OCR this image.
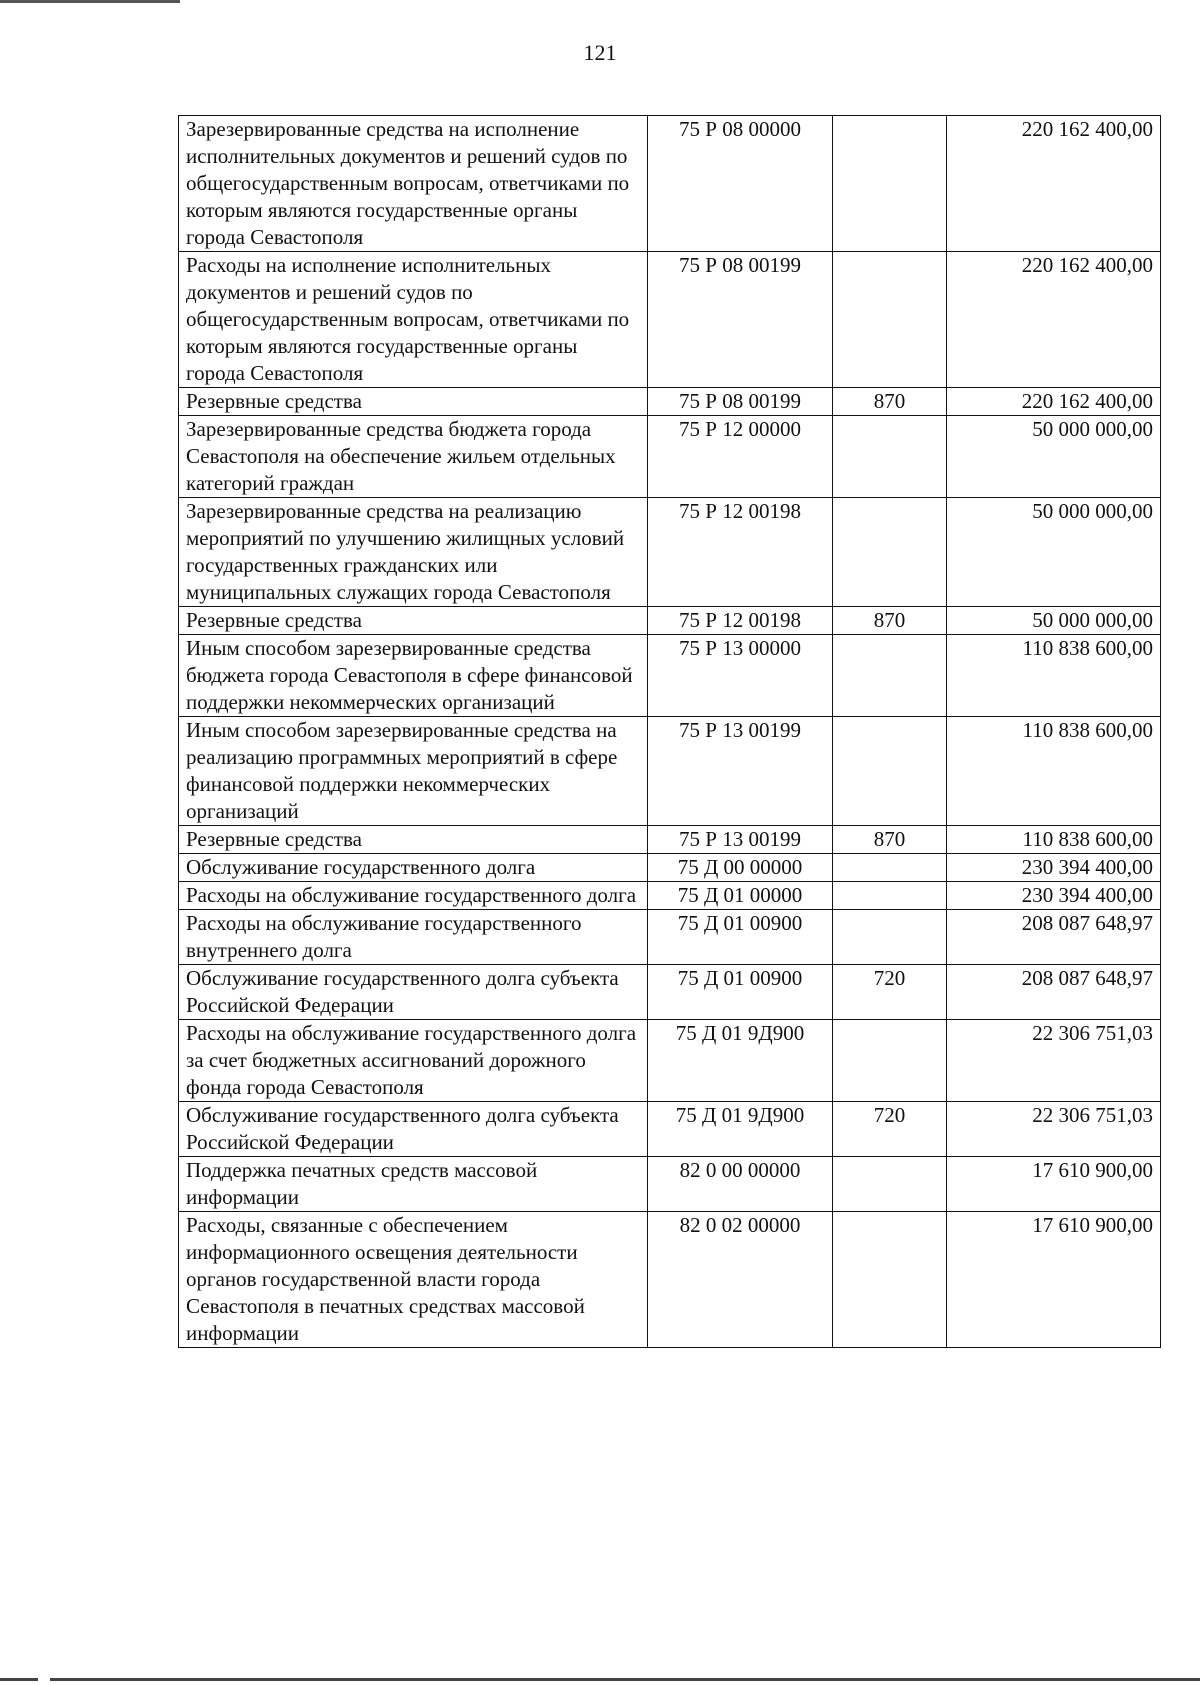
121
Зарезервированные средства на исполнение исполнительных документов и решений судов по общегосударственным вопросам, ответчиками по которым являются государственные органы города Севастополя	75 Р 08 00000		220 162 400,00
Расходы на исполнение исполнительных документов и решений судов по общегосударственным вопросам, ответчиками по которым являются государственные органы города Севастополя	75 Р 08 00199		220 162 400,00
Резервные средства	75 Р 08 00199	870	220 162 400,00
Зарезервированные средства бюджета города Севастополя на обеспечение жильем отдельных категорий граждан	75 Р 12 00000		50 000 000,00
Зарезервированные средства на реализацию мероприятий по улучшению жилищных условий государственных гражданских или муниципальных служащих города Севастополя	75 Р 12 00198		50 000 000,00
Резервные средства	75 Р 12 00198	870	50 000 000,00
Иным способом зарезервированные средства бюджета города Севастополя в сфере финансовой поддержки некоммерческих организаций	75 Р 13 00000		110 838 600,00
Иным способом зарезервированные средства на реализацию программных мероприятий в сфере финансовой поддержки некоммерческих организаций	75 Р 13 00199		110 838 600,00
Резервные средства	75 Р 13 00199	870	110 838 600,00
Обслуживание государственного долга	75 Д 00 00000		230 394 400,00
Расходы на обслуживание государственного долга	75 Д 01 00000		230 394 400,00
Расходы на обслуживание государственного внутреннего долга	75 Д 01 00900		208 087 648,97
Обслуживание государственного долга субъекта Российской Федерации	75 Д 01 00900	720	208 087 648,97
Расходы на обслуживание государственного долга за счет бюджетных ассигнований дорожного фонда города Севастополя	75 Д 01 9Д900		22 306 751,03
Обслуживание государственного долга субъекта Российской Федерации	75 Д 01 9Д900	720	22 306 751,03
Поддержка печатных средств массовой информации	82 0 00 00000		17 610 900,00
Расходы, связанные с обеспечением информационного освещения деятельности органов государственной власти города Севастополя в печатных средствах массовой информации	82 0 02 00000		17 610 900,00
